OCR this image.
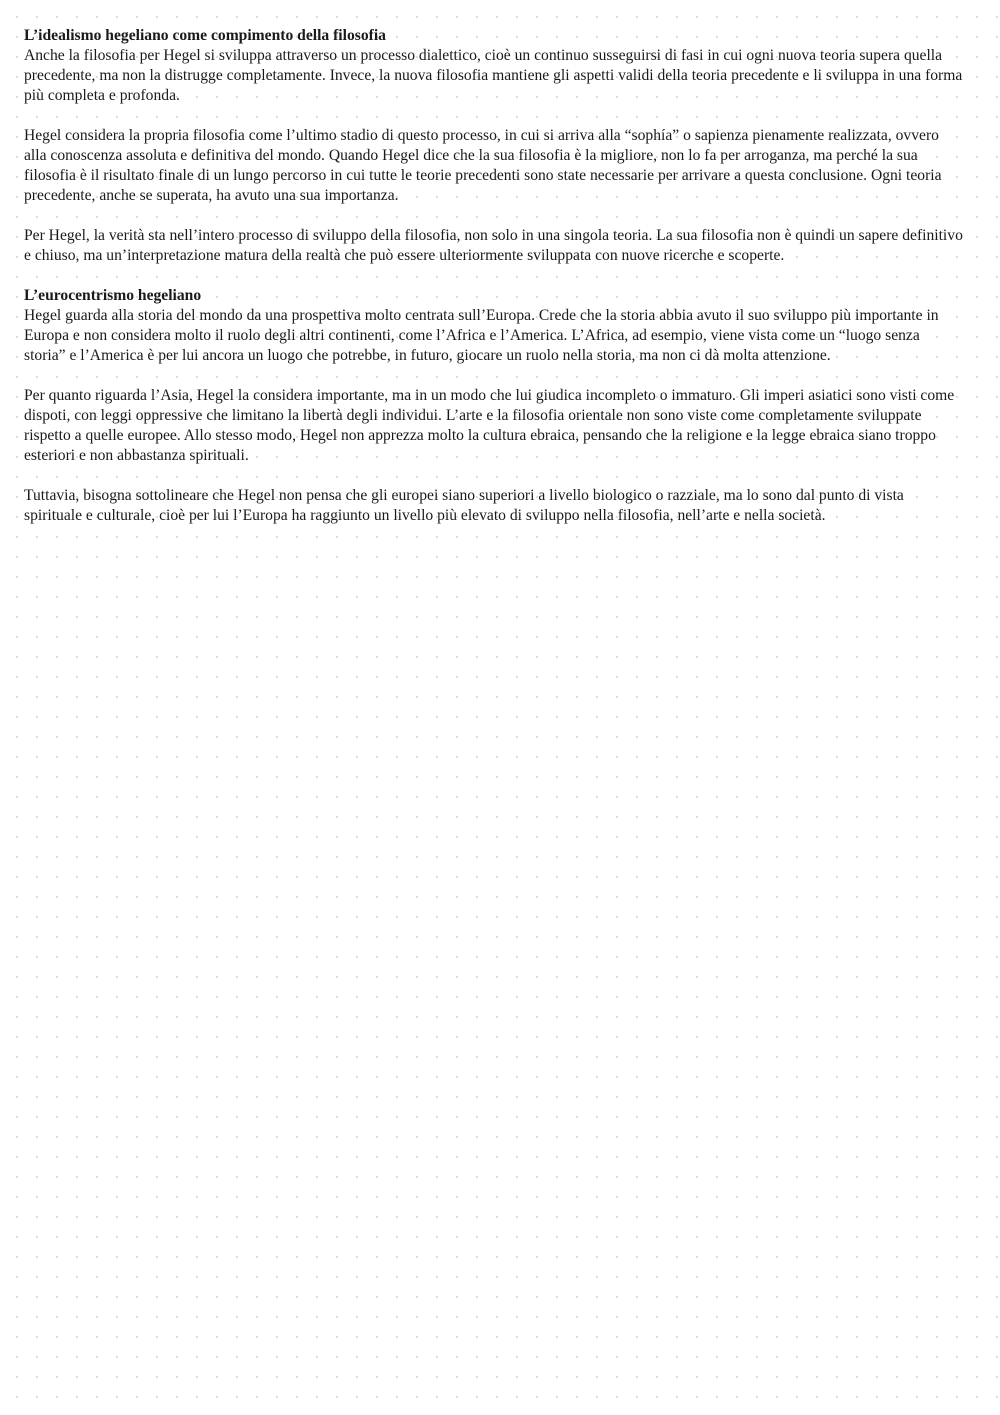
L’idealismo hegeliano come compimento della filosofia

Anche la filosofia per Hegel si sviluppa attraverso un processo dialettico, cioè un continuo susseguirsi di fasi in cui ogni nuova teoria supera quella precedente, ma non la distrugge completamente. Invece, la nuova filosofia mantiene gli aspetti validi della teoria precedente e li sviluppa in una forma più completa e profonda.

Hegel considera la propria filosofia come l’ultimo stadio di questo processo, in cui si arriva alla “sophía” o sapienza pienamente realizzata, ovvero alla conoscenza assoluta e definitiva del mondo. Quando Hegel dice che la sua filosofia è la migliore, non lo fa per arroganza, ma perché la sua filosofia è il risultato finale di un lungo percorso in cui tutte le teorie precedenti sono state necessarie per arrivare a questa conclusione. Ogni teoria precedente, anche se superata, ha avuto una sua importanza.

Per Hegel, la verità sta nell’intero processo di sviluppo della filosofia, non solo in una singola teoria. La sua filosofia non è quindi un sapere definitivo e chiuso, ma un’interpretazione matura della realtà che può essere ulteriormente sviluppata con nuove ricerche e scoperte.

L’eurocentrismo hegeliano

Hegel guarda alla storia del mondo da una prospettiva molto centrata sull’Europa. Crede che la storia abbia avuto il suo sviluppo più importante in Europa e non considera molto il ruolo degli altri continenti, come l’Africa e l’America. L’Africa, ad esempio, viene vista come un “luogo senza storia” e l’America è per lui ancora un luogo che potrebbe, in futuro, giocare un ruolo nella storia, ma non ci dà molta attenzione.

Per quanto riguarda l’Asia, Hegel la considera importante, ma in un modo che lui giudica incompleto o immaturo. Gli imperi asiatici sono visti come dispoti, con leggi oppressive che limitano la libertà degli individui. L’arte e la filosofia orientale non sono viste come completamente sviluppate rispetto a quelle europee. Allo stesso modo, Hegel non apprezza molto la cultura ebraica, pensando che la religione e la legge ebraica siano troppo esteriori e non abbastanza spirituali.

Tuttavia, bisogna sottolineare che Hegel non pensa che gli europei siano superiori a livello biologico o razziale, ma lo sono dal punto di vista spirituale e culturale, cioè per lui l’Europa ha raggiunto un livello più elevato di sviluppo nella filosofia, nell’arte e nella società.
